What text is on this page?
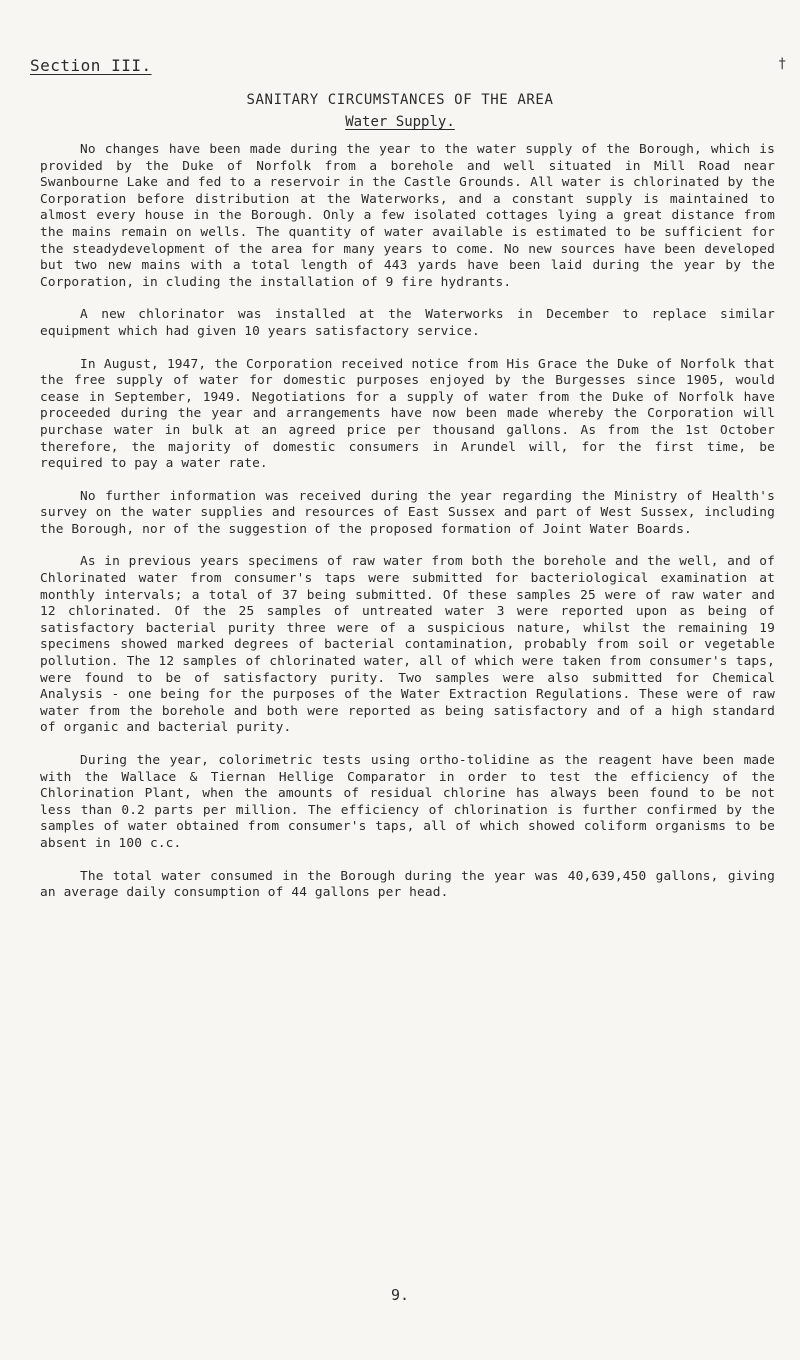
Section III.	†
SANITARY CIRCUMSTANCES OF THE AREA
Water Supply.

No changes have been made during the year to the water supply of the Borough, which is provided by the Duke of Norfolk from a borehole and well situated in Mill Road near Swanbourne Lake and fed to a reservoir in the Castle Grounds. All water is chlorinated by the Corporation before distribution at the Waterworks, and a constant supply is maintained to almost every house in the Borough. Only a few isolated cottages lying a great distance from the mains remain on wells. The quantity of water available is estimated to be sufficient for the steadydevelopment of the area for many years to come. No new sources have been developed but two new mains with a total length of 443 yards have been laid during the year by the Corporation, in cluding the installation of 9 fire hydrants.

A new chlorinator was installed at the Waterworks in December to replace similar equipment which had given 10 years satisfactory service.

In August, 1947, the Corporation received notice from His Grace the Duke of Norfolk that the free supply of water for domestic purposes enjoyed by the Burgesses since 1905, would cease in September, 1949. Negotiations for a supply of water from the Duke of Norfolk have proceeded during the year and arrangements have now been made whereby the Corporation will purchase water in bulk at an agreed price per thousand gallons. As from the 1st October therefore, the majority of domestic consumers in Arundel will, for the first time, be required to pay a water rate.

No further information was received during the year regarding the Ministry of Health's survey on the water supplies and resources of East Sussex and part of West Sussex, including the Borough, nor of the suggestion of the proposed formation of Joint Water Boards.

As in previous years specimens of raw water from both the borehole and the well, and of Chlorinated water from consumer's taps were submitted for bacteriological examination at monthly intervals; a total of 37 being submitted. Of these samples 25 were of raw water and 12 chlorinated. Of the 25 samples of untreated water 3 were reported upon as being of satisfactory bacterial purity three were of a suspicious nature, whilst the remaining 19 specimens showed marked degrees of bacterial contamination, probably from soil or vegetable pollution. The 12 samples of chlorinated water, all of which were taken from consumer's taps, were found to be of satisfactory purity. Two samples were also submitted for Chemical Analysis - one being for the purposes of the Water Extraction Regulations. These were of raw water from the borehole and both were reported as being satisfactory and of a high standard of organic and bacterial purity.

During the year, colorimetric tests using ortho-tolidine as the reagent have been made with the Wallace & Tiernan Hellige Comparator in order to test the efficiency of the Chlorination Plant, when the amounts of residual chlorine has always been found to be not less than 0.2 parts per million. The efficiency of chlorination is further confirmed by the samples of water obtained from consumer's taps, all of which showed coliform organisms to be absent in 100 c.c.

The total water consumed in the Borough during the year was 40,639,450 gallons, giving an average daily consumption of 44 gallons per head.

9.
